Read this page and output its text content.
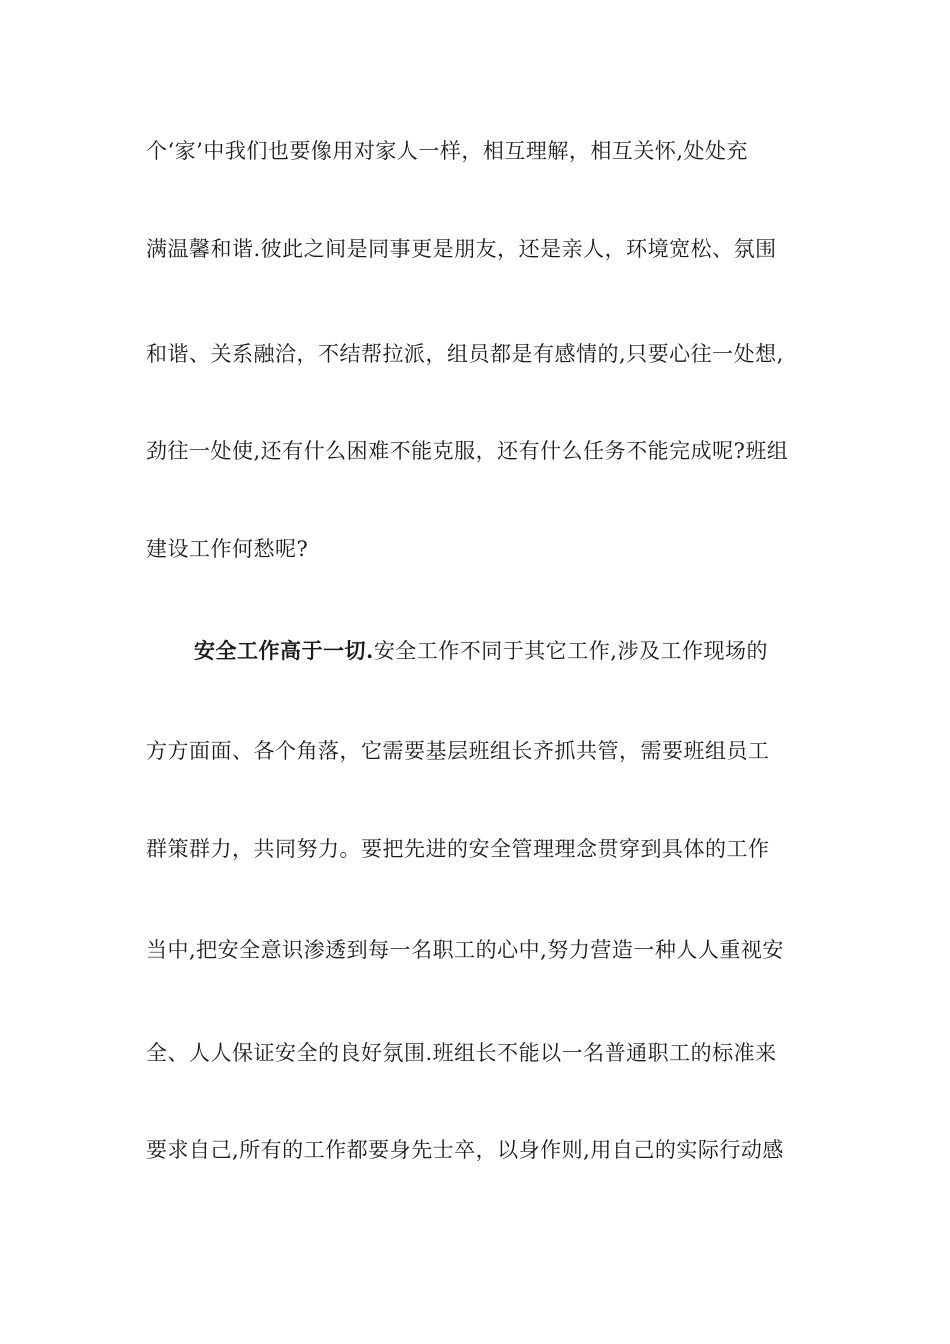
个‘家’中我们也要像用对家人一样，相互理解，相互关怀,处处充
满温馨和谐.彼此之间是同事更是朋友，还是亲人，环境宽松、氛围
和谐、关系融洽，不结帮拉派，组员都是有感情的,只要心往一处想,
劲往一处使,还有什么困难不能克服，还有什么任务不能完成呢?班组
建设工作何愁呢?
安全工作高于一切.安全工作不同于其它工作,涉及工作现场的
方方面面、各个角落，它需要基层班组长齐抓共管，需要班组员工
群策群力，共同努力。要把先进的安全管理理念贯穿到具体的工作
当中,把安全意识渗透到每一名职工的心中,努力营造一种人人重视安
全、人人保证安全的良好氛围.班组长不能以一名普通职工的标准来
要求自己,所有的工作都要身先士卒，以身作则,用自己的实际行动感
